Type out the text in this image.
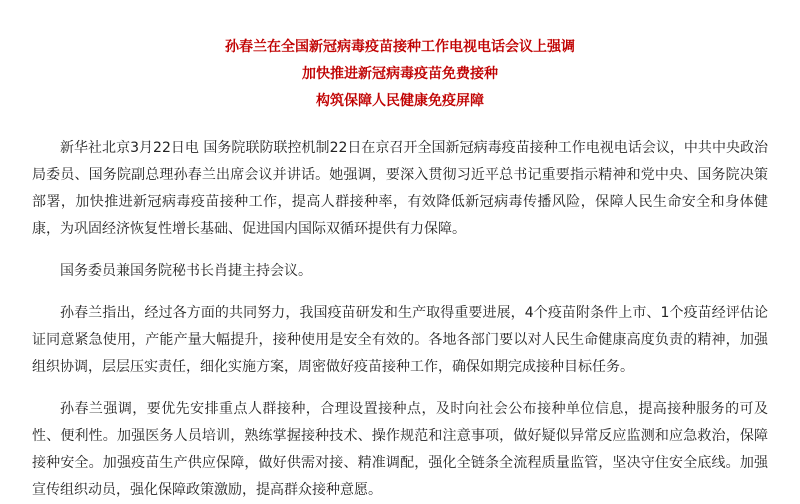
孙春兰在全国新冠病毒疫苗接种工作电视电话会议上强调
加快推进新冠病毒疫苗免费接种
构筑保障人民健康免疫屏障

新华社北京3月22日电 国务院联防联控机制22日在京召开全国新冠病毒疫苗接种工作电视电话会议，中共中央政治局委员、国务院副总理孙春兰出席会议并讲话。她强调，要深入贯彻习近平总书记重要指示精神和党中央、国务院决策部署，加快推进新冠病毒疫苗接种工作，提高人群接种率，有效降低新冠病毒传播风险，保障人民生命安全和身体健康，为巩固经济恢复性增长基础、促进国内国际双循环提供有力保障。

国务委员兼国务院秘书长肖捷主持会议。

孙春兰指出，经过各方面的共同努力，我国疫苗研发和生产取得重要进展，4个疫苗附条件上市、1个疫苗经评估论证同意紧急使用，产能产量大幅提升，接种使用是安全有效的。各地各部门要以对人民生命健康高度负责的精神，加强组织协调，层层压实责任，细化实施方案，周密做好疫苗接种工作，确保如期完成接种目标任务。

孙春兰强调，要优先安排重点人群接种，合理设置接种点，及时向社会公布接种单位信息，提高接种服务的可及性、便利性。加强医务人员培训，熟练掌握接种技术、操作规范和注意事项，做好疑似异常反应监测和应急救治，保障接种安全。加强疫苗生产供应保障，做好供需对接、精准调配，强化全链条全流程质量监管，坚决守住安全底线。加强宣传组织动员，强化保障政策激励，提高群众接种意愿。
